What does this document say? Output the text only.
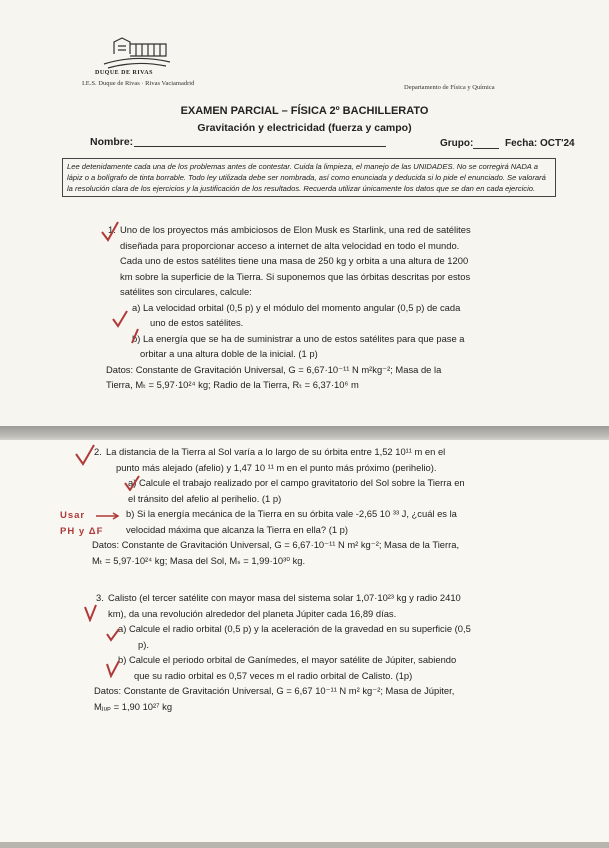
DUQUE DE RIVAS
I.E.S. Duque de Rivas · Rivas Vaciamadrid
Departamento de Física y Química
EXAMEN PARCIAL – FÍSICA 2º BACHILLERATO
Gravitación y electricidad (fuerza y campo)
Nombre:	Grupo:	Fecha: OCT'24
Lee detenidamente cada una de los problemas antes de contestar. Cuida la limpieza, el manejo de las UNIDADES. No se corregirá NADA a lápiz o a bolígrafo de tinta borrable. Todo ley utilizada debe ser nombrada, así como enunciada y deducida si lo pide el enunciado. Se valorará la resolución clara de los ejercicios y la justificación de los resultados. Recuerda utilizar únicamente los datos que se dan en cada ejercicio.
Uno de los proyectos más ambiciosos de Elon Musk es Starlink, una red de satélites
diseñada para proporcionar acceso a internet de alta velocidad en todo el mundo.
Cada uno de estos satélites tiene una masa de 250 kg y orbita a una altura de 1200
km sobre la superficie de la Tierra. Si suponemos que las órbitas descritas por estos
satélites son circulares, calcule:
a) La velocidad orbital (0,5 p) y el módulo del momento angular (0,5 p) de cada
uno de estos satélites.
b) La energía que se ha de suministrar a uno de estos satélites para que pase a
orbitar a una altura doble de la inicial. (1 p)
Datos: Constante de Gravitación Universal, G = 6,67·10⁻¹¹ N m²kg⁻²; Masa de la
Tierra, Mₜ = 5,97·10²⁴ kg; Radio de la Tierra, Rₜ = 6,37·10⁶ m
1.
La distancia de la Tierra al Sol varía a lo largo de su órbita entre 1,52 10¹¹ m en el
punto más alejado (afelio) y 1,47 10 ¹¹ m en el punto más próximo (perihelio).
a) Calcule el trabajo realizado por el campo gravitatorio del Sol sobre la Tierra en
el tránsito del afelio al perihelio. (1 p)
b) Si la energía mecánica de la Tierra en su órbita vale -2,65 10 ³³ J, ¿cuál es la
velocidad máxima que alcanza la Tierra en ella? (1 p)
Datos: Constante de Gravitación Universal, G = 6,67·10⁻¹¹ N m² kg⁻²; Masa de la Tierra,
Mₜ = 5,97·10²⁴ kg; Masa del Sol, Mₛ = 1,99·10³⁰ kg.
2.
Calisto (el tercer satélite con mayor masa del sistema solar 1,07·10²³ kg y radio 2410
km), da una revolución alrededor del planeta Júpiter cada 16,89 días.
a) Calcule el radio orbital (0,5 p) y la aceleración de la gravedad en su superficie (0,5
p).
b) Calcule el periodo orbital de Ganímedes, el mayor satélite de Júpiter, sabiendo
que su radio orbital es 0,57 veces m el radio orbital de Calisto. (1p)
Datos: Constante de Gravitación Universal, G = 6,67 10⁻¹¹ N m² kg⁻²; Masa de Júpiter,
Mⱼᵤₚ = 1,90 10²⁷ kg
3.
Usar
PH y ΔF
